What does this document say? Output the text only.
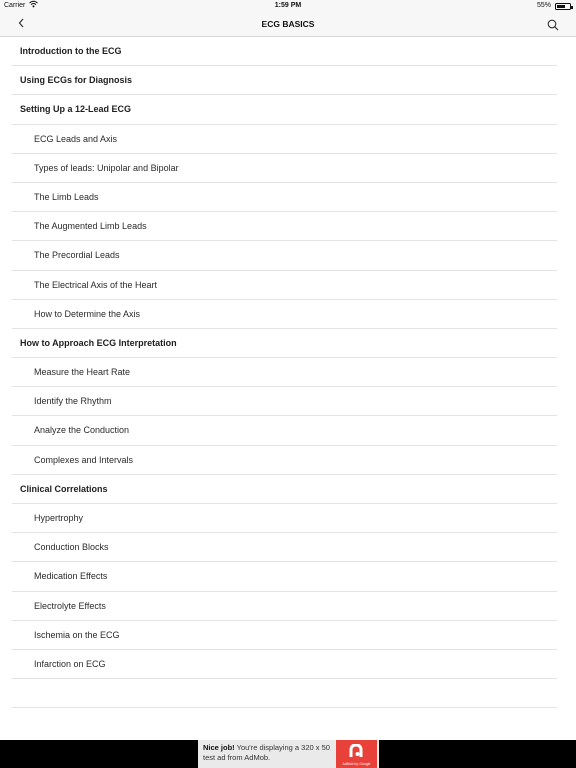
Carrier	1:59 PM	55%
ECG BASICS
Introduction to the ECG
Using ECGs for Diagnosis
Setting Up a 12-Lead ECG
ECG Leads and Axis
Types of leads: Unipolar and Bipolar
The Limb Leads
The Augmented Limb Leads
The Precordial Leads
The Electrical Axis of the Heart
How to Determine the Axis
How to Approach ECG Interpretation
Measure the Heart Rate
Identify the Rhythm
Analyze the Conduction
Complexes and Intervals
Clinical Correlations
Hypertrophy
Conduction Blocks
Medication Effects
Electrolyte Effects
Ischemia on the ECG
Infarction on ECG
Nice job! You're displaying a 320 x 50 test ad from AdMob.
AdMob by Google
